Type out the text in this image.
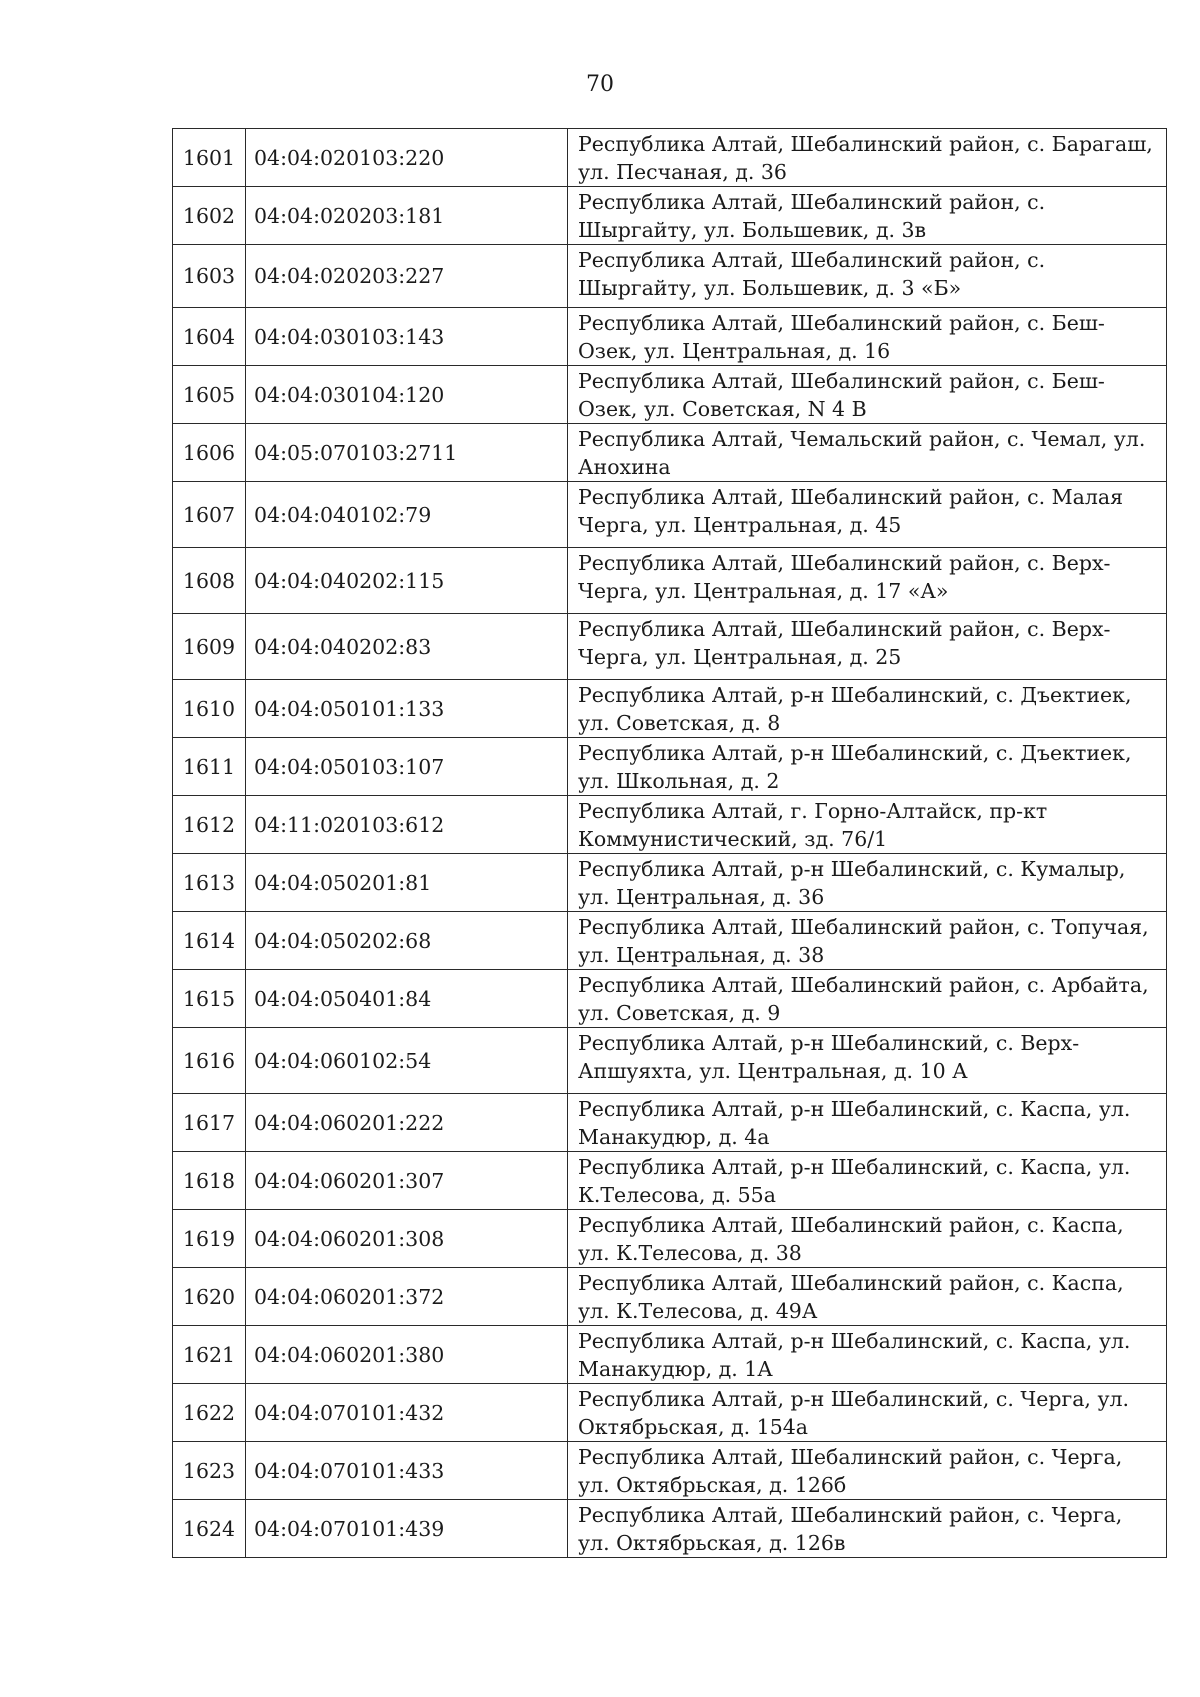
70
1601	04:04:020103:220	Республика Алтай, Шебалинский район, с. Барагаш, ул. Песчаная, д. 36
1602	04:04:020203:181	Республика Алтай, Шебалинский район, с. Шыргайту, ул. Большевик, д. 3в
1603	04:04:020203:227	Республика Алтай, Шебалинский район, с. Шыргайту, ул. Большевик, д. 3 «Б»
1604	04:04:030103:143	Республика Алтай, Шебалинский район, с. Беш-Озек, ул. Центральная, д. 16
1605	04:04:030104:120	Республика Алтай, Шебалинский район, с. Беш-Озек, ул. Советская, N 4 В
1606	04:05:070103:2711	Республика Алтай, Чемальский район, с. Чемал, ул. Анохина
1607	04:04:040102:79	Республика Алтай, Шебалинский район, с. Малая Черга, ул. Центральная, д. 45
1608	04:04:040202:115	Республика Алтай, Шебалинский район, с. Верх-Черга, ул. Центральная, д. 17 «А»
1609	04:04:040202:83	Республика Алтай, Шебалинский район, с. Верх-Черга, ул. Центральная, д. 25
1610	04:04:050101:133	Республика Алтай, р-н Шебалинский, с. Дъектиек, ул. Советская, д. 8
1611	04:04:050103:107	Республика Алтай, р-н Шебалинский, с. Дъектиек, ул. Школьная, д. 2
1612	04:11:020103:612	Республика Алтай, г. Горно-Алтайск, пр-кт Коммунистический, зд. 76/1
1613	04:04:050201:81	Республика Алтай, р-н Шебалинский, с. Кумалыр, ул. Центральная, д. 36
1614	04:04:050202:68	Республика Алтай, Шебалинский район, с. Топучая, ул. Центральная, д. 38
1615	04:04:050401:84	Республика Алтай, Шебалинский район, с. Арбайта, ул. Советская, д. 9
1616	04:04:060102:54	Республика Алтай, р-н Шебалинский, с. Верх-Апшуяхта, ул. Центральная, д. 10 А
1617	04:04:060201:222	Республика Алтай, р-н Шебалинский, с. Каспа, ул. Манакудюр, д. 4а
1618	04:04:060201:307	Республика Алтай, р-н Шебалинский, с. Каспа, ул. К.Телесова, д. 55а
1619	04:04:060201:308	Республика Алтай, Шебалинский район, с. Каспа, ул. К.Телесова, д. 38
1620	04:04:060201:372	Республика Алтай, Шебалинский район, с. Каспа, ул. К.Телесова, д. 49А
1621	04:04:060201:380	Республика Алтай, р-н Шебалинский, с. Каспа, ул. Манакудюр, д. 1А
1622	04:04:070101:432	Республика Алтай, р-н Шебалинский, с. Черга, ул. Октябрьская, д. 154а
1623	04:04:070101:433	Республика Алтай, Шебалинский район, с. Черга, ул. Октябрьская, д. 126б
1624	04:04:070101:439	Республика Алтай, Шебалинский район, с. Черга, ул. Октябрьская, д. 126в
